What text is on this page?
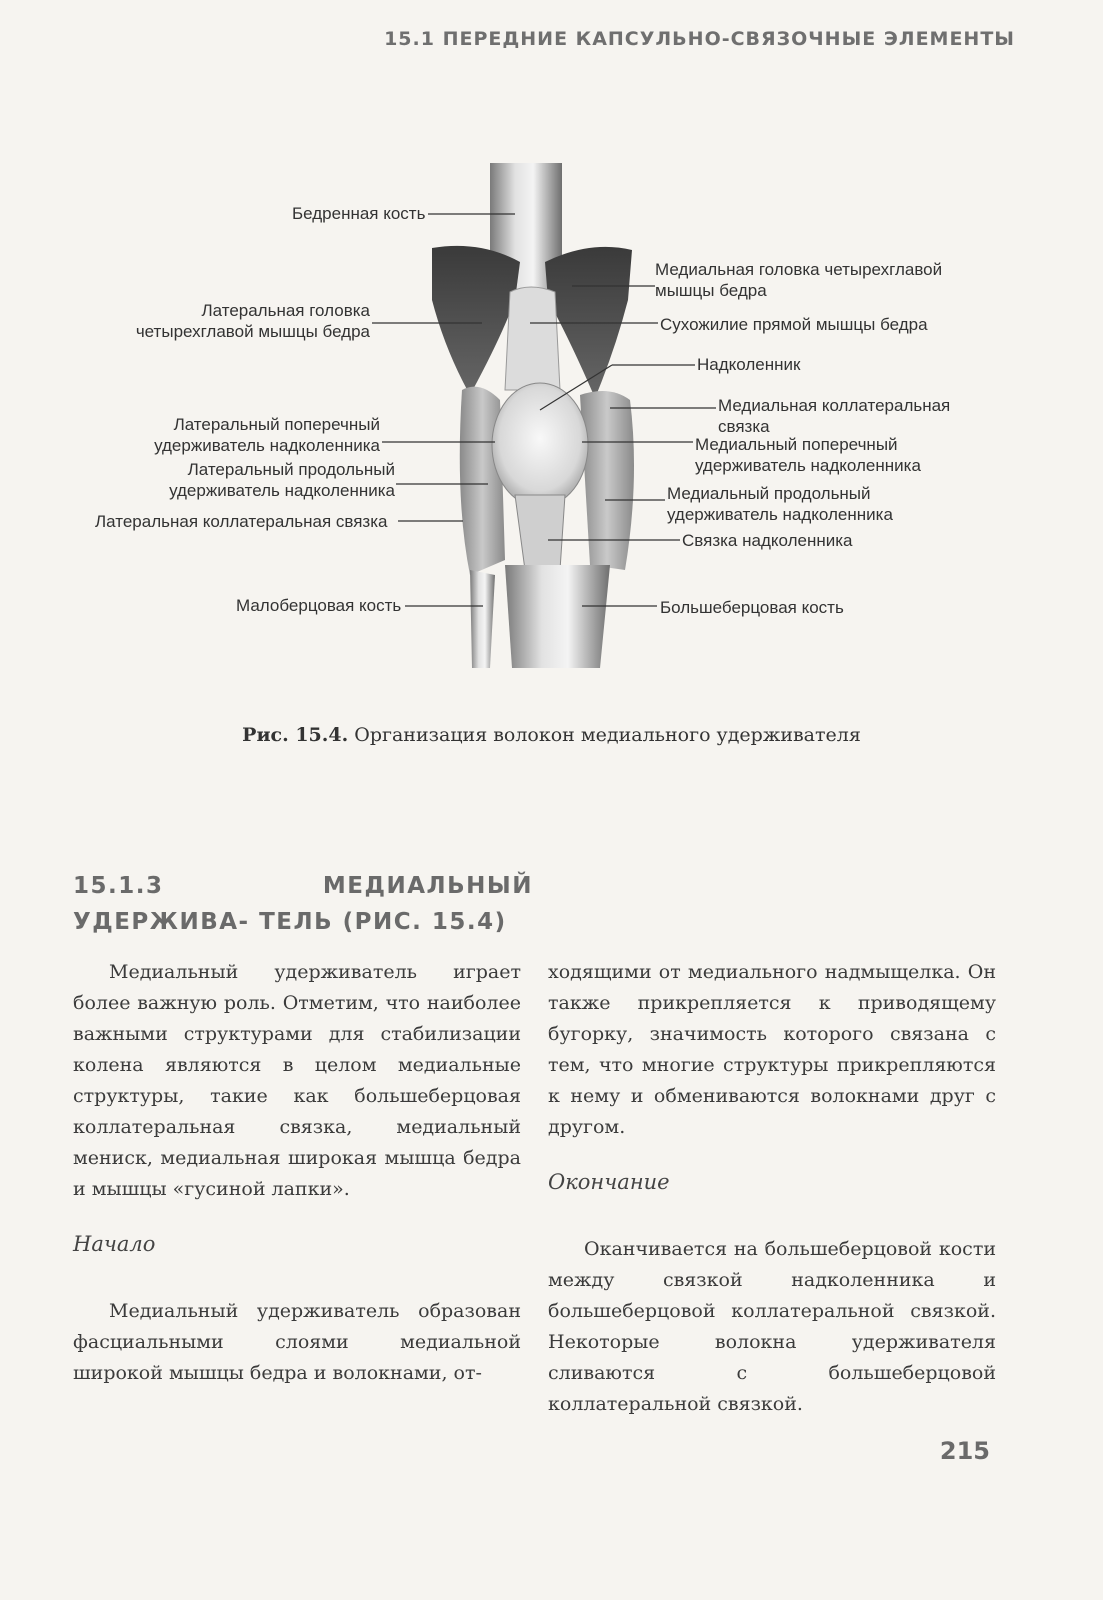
15.1 ПЕРЕДНИЕ КАПСУЛЬНО-СВЯЗОЧНЫЕ ЭЛЕМЕНТЫ
Бедренная кость
Латеральная головка
четырехглавой мышцы бедра
Латеральный поперечный
удерживатель надколенника
Латеральный продольный
удерживатель надколенника
Латеральная коллатеральная связка
Малоберцовая кость
Медиальная головка четырехглавой
мышцы бедра
Сухожилие прямой мышцы бедра
Надколенник
Медиальная коллатеральная
связка
Медиальный поперечный
удерживатель надколенника
Медиальный продольный
удерживатель надколенника
Связка надколенника
Большеберцовая кость
Рис. 15.4. Организация волокон медиального удерживателя
15.1.3 МЕДИАЛЬНЫЙ УДЕРЖИВА- ТЕЛЬ (РИС. 15.4)

Медиальный удерживатель играет более важную роль. Отметим, что наиболее важными структурами для стабилизации колена являются в целом медиальные структуры, такие как большеберцовая коллатеральная связка, медиальный мениск, медиальная широкая мышца бедра и мышцы «гусиной лапки».

Начало

Медиальный удерживатель образован фасциальными слоями медиальной широкой мышцы бедра и волокнами, от-

ходящими от медиального надмыщелка. Он также прикрепляется к приводящему бугорку, значимость которого связана с тем, что многие структуры прикрепляются к нему и обмениваются волокнами друг с другом.

Окончание

Оканчивается на большеберцовой кости между связкой надколенника и большеберцовой коллатеральной связкой. Некоторые волокна удерживателя сливаются с большеберцовой коллатеральной связкой.

215
